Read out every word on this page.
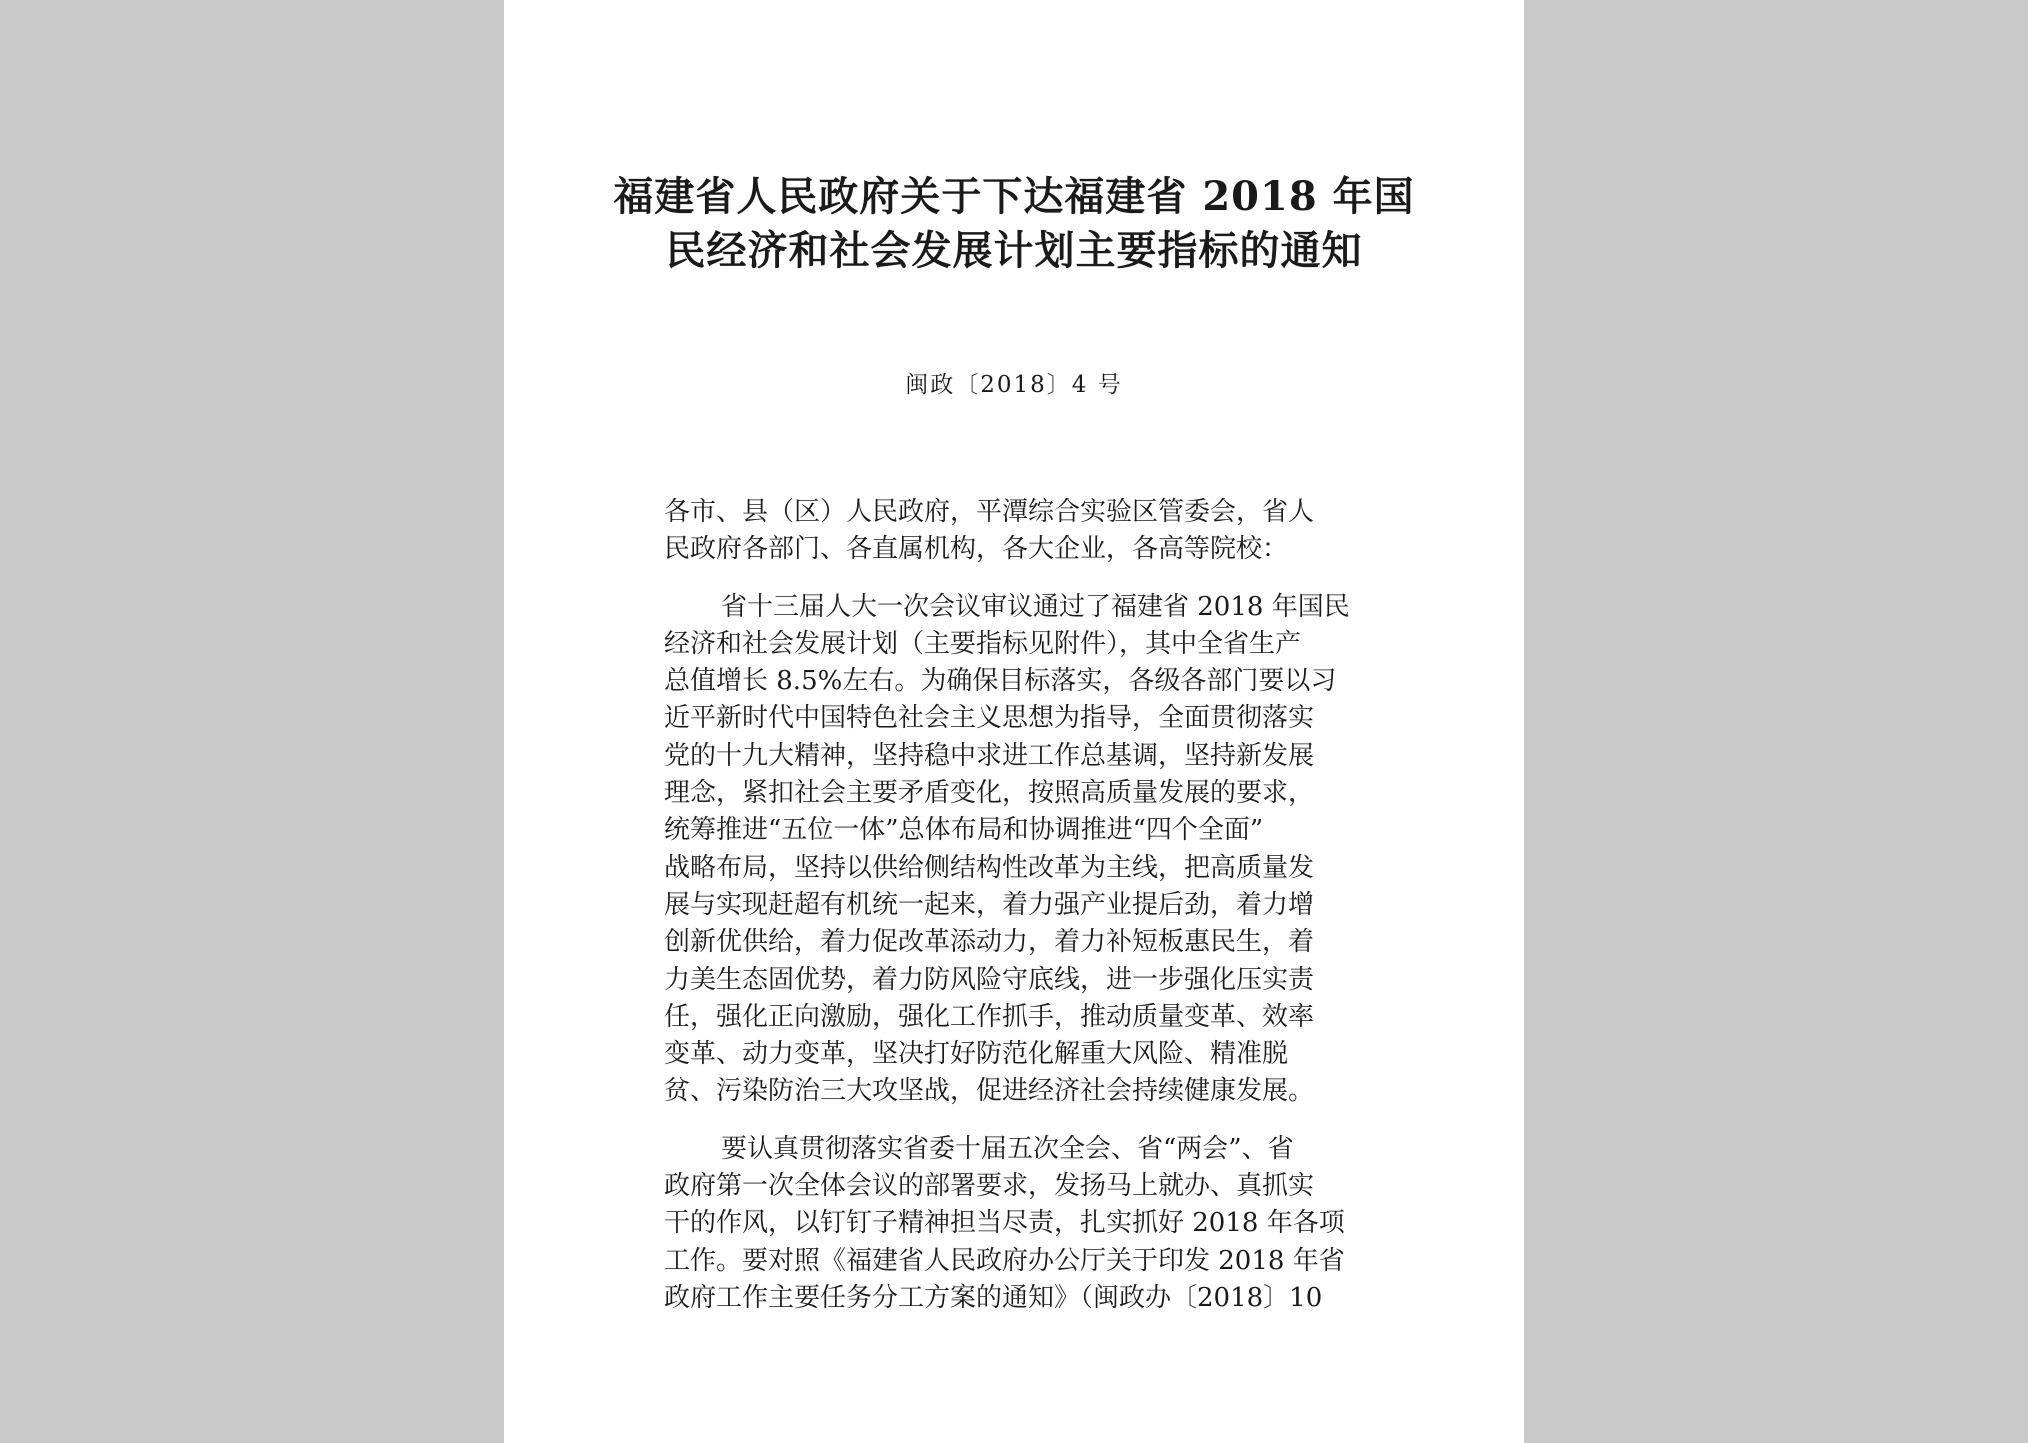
福建省人民政府关于下达福建省 2018 年国
民经济和社会发展计划主要指标的通知
闽政〔2018〕4 号
各市、县（区）人民政府，平潭综合实验区管委会，省人
民政府各部门、各直属机构，各大企业，各高等院校：
省十三届人大一次会议审议通过了福建省 2018 年国民
经济和社会发展计划（主要指标见附件），其中全省生产
总值增长 8.5%左右。为确保目标落实，各级各部门要以习
近平新时代中国特色社会主义思想为指导，全面贯彻落实
党的十九大精神，坚持稳中求进工作总基调，坚持新发展
理念，紧扣社会主要矛盾变化，按照高质量发展的要求，
统筹推进“五位一体”总体布局和协调推进“四个全面”
战略布局，坚持以供给侧结构性改革为主线，把高质量发
展与实现赶超有机统一起来，着力强产业提后劲，着力增
创新优供给，着力促改革添动力，着力补短板惠民生，着
力美生态固优势，着力防风险守底线，进一步强化压实责
任，强化正向激励，强化工作抓手，推动质量变革、效率
变革、动力变革，坚决打好防范化解重大风险、精准脱
贫、污染防治三大攻坚战，促进经济社会持续健康发展。
要认真贯彻落实省委十届五次全会、省“两会”、省
政府第一次全体会议的部署要求，发扬马上就办、真抓实
干的作风，以钉钉子精神担当尽责，扎实抓好 2018 年各项
工作。要对照《福建省人民政府办公厅关于印发 2018 年省
政府工作主要任务分工方案的通知》（闽政办〔2018〕10
